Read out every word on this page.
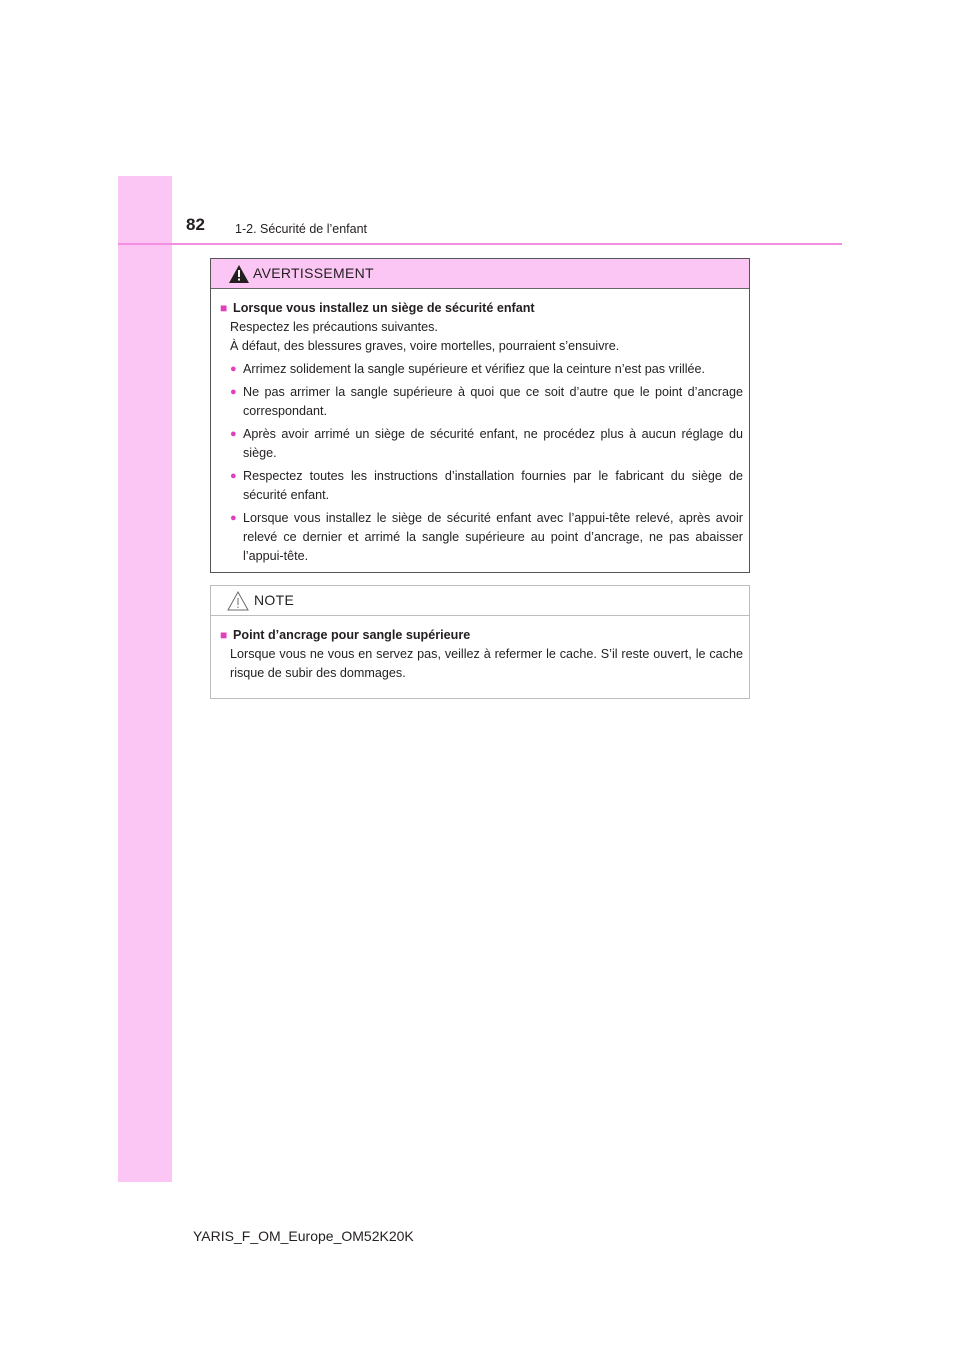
82 1-2. Sécurité de l’enfant
AVERTISSEMENT
■ Lorsque vous installez un siège de sécurité enfant
Respectez les précautions suivantes.
À défaut, des blessures graves, voire mortelles, pourraient s’ensuivre.
● Arrimez solidement la sangle supérieure et vérifiez que la ceinture n’est pas vrillée.
● Ne pas arrimer la sangle supérieure à quoi que ce soit d’autre que le point d’ancrage correspondant.
● Après avoir arrimé un siège de sécurité enfant, ne procédez plus à aucun réglage du siège.
● Respectez toutes les instructions d’installation fournies par le fabricant du siège de sécurité enfant.
● Lorsque vous installez le siège de sécurité enfant avec l’appui-tête relevé, après avoir relevé ce dernier et arrimé la sangle supérieure au point d’ancrage, ne pas abaisser l’appui-tête.
NOTE
■ Point d’ancrage pour sangle supérieure
Lorsque vous ne vous en servez pas, veillez à refermer le cache. S’il reste ouvert, le cache risque de subir des dommages.
YARIS_F_OM_Europe_OM52K20K
